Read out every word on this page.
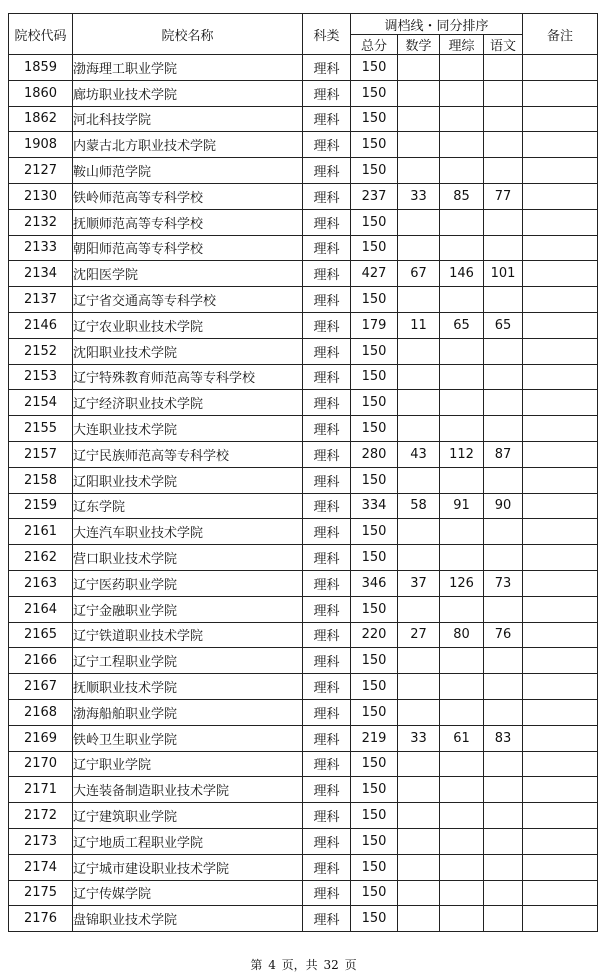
院校代码	院校名称	科类	调档线・同分排序				备注
			总分	数学	理综	语文	
1859	渤海理工职业学院	理科	150				
1860	廊坊职业技术学院	理科	150				
1862	河北科技学院	理科	150				
1908	内蒙古北方职业技术学院	理科	150				
2127	鞍山师范学院	理科	150				
2130	铁岭师范高等专科学校	理科	237	33	85	77	
2132	抚顺师范高等专科学校	理科	150				
2133	朝阳师范高等专科学校	理科	150				
2134	沈阳医学院	理科	427	67	146	101	
2137	辽宁省交通高等专科学校	理科	150				
2146	辽宁农业职业技术学院	理科	179	11	65	65	
2152	沈阳职业技术学院	理科	150				
2153	辽宁特殊教育师范高等专科学校	理科	150				
2154	辽宁经济职业技术学院	理科	150				
2155	大连职业技术学院	理科	150				
2157	辽宁民族师范高等专科学校	理科	280	43	112	87	
2158	辽阳职业技术学院	理科	150				
2159	辽东学院	理科	334	58	91	90	
2161	大连汽车职业技术学院	理科	150				
2162	营口职业技术学院	理科	150				
2163	辽宁医药职业学院	理科	346	37	126	73	
2164	辽宁金融职业学院	理科	150				
2165	辽宁铁道职业技术学院	理科	220	27	80	76	
2166	辽宁工程职业学院	理科	150				
2167	抚顺职业技术学院	理科	150				
2168	渤海船舶职业学院	理科	150				
2169	铁岭卫生职业学院	理科	219	33	61	83	
2170	辽宁职业学院	理科	150				
2171	大连装备制造职业技术学院	理科	150				
2172	辽宁建筑职业学院	理科	150				
2173	辽宁地质工程职业学院	理科	150				
2174	辽宁城市建设职业技术学院	理科	150				
2175	辽宁传媒学院	理科	150				
2176	盘锦职业技术学院	理科	150				
第 4 页，共 32 页
